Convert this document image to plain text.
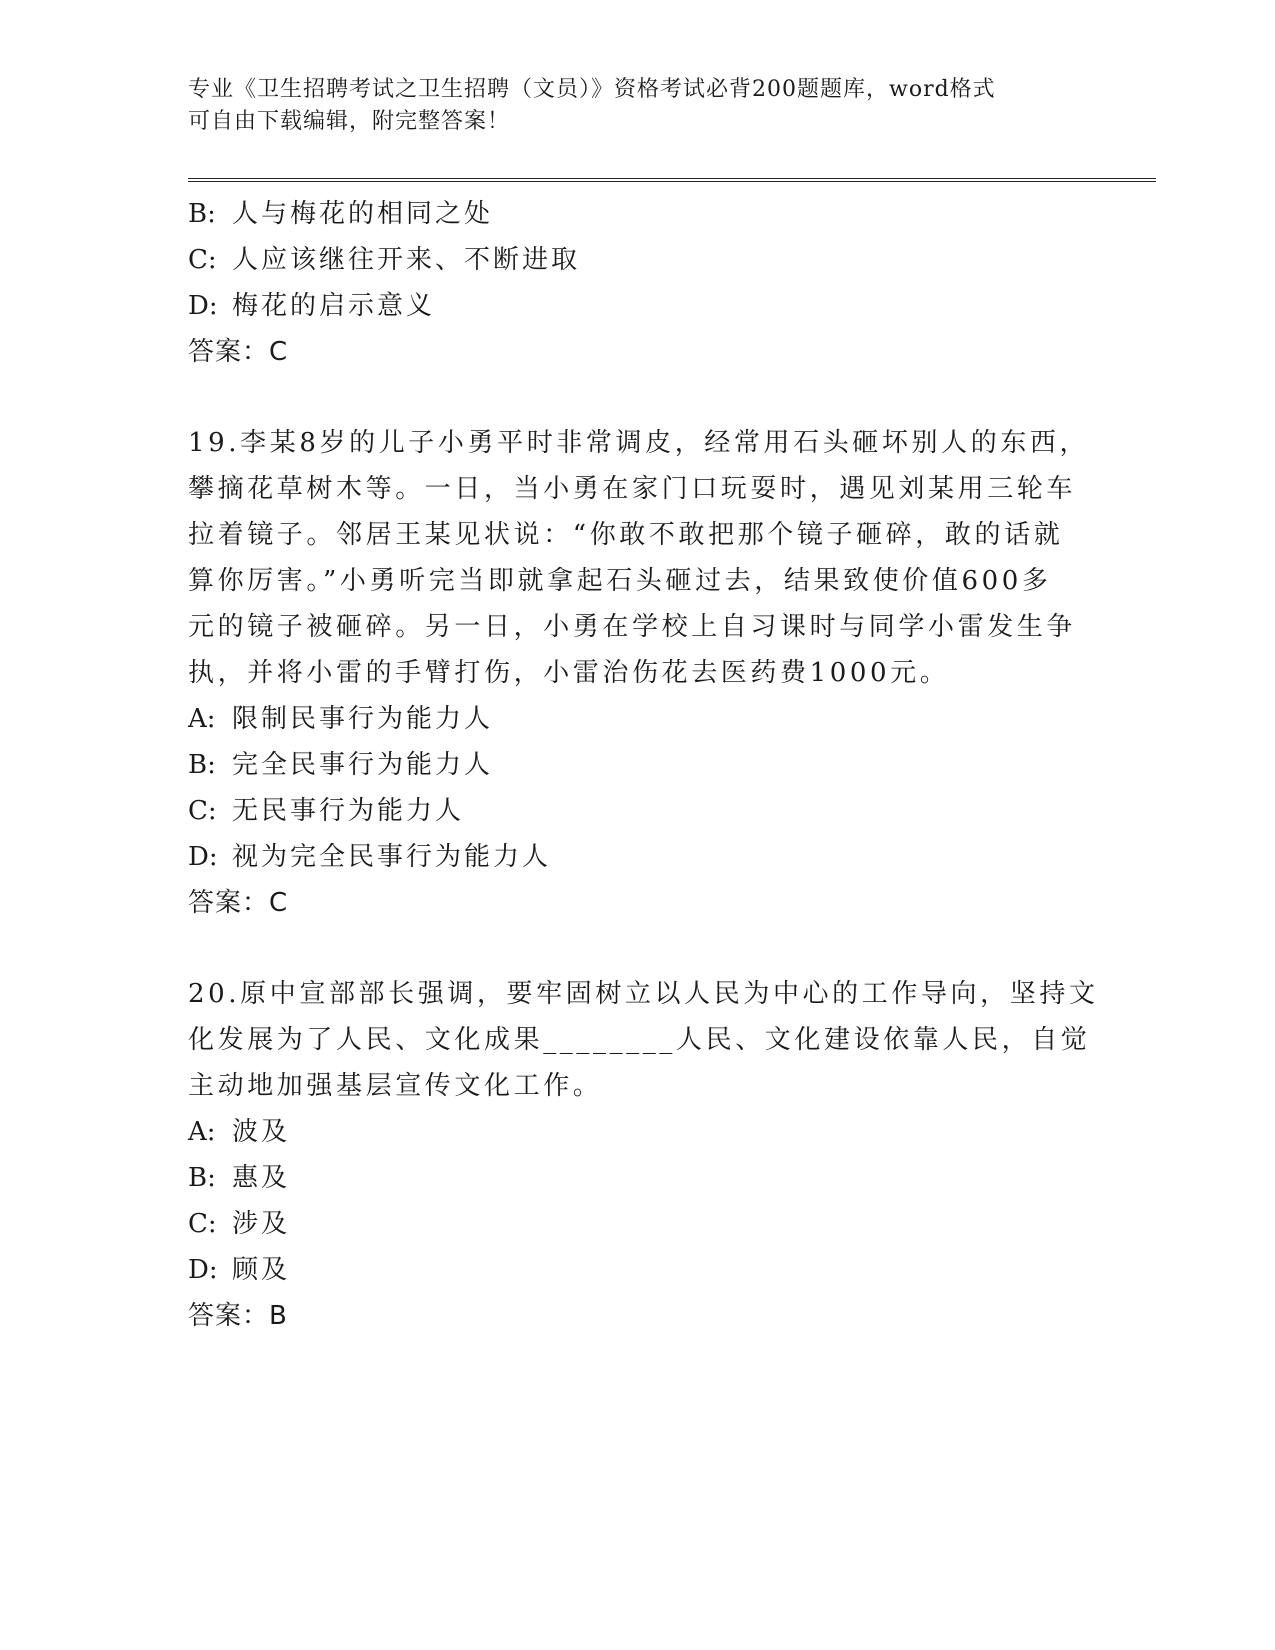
专业《卫生招聘考试之卫生招聘（文员）》资格考试必背200题题库，word格式
可自由下载编辑，附完整答案！
B: 人与梅花的相同之处
C: 人应该继往开来、不断进取
D: 梅花的启示意义
答案：C
19.李某8岁的儿子小勇平时非常调皮，经常用石头砸坏别人的东西，
攀摘花草树木等。一日，当小勇在家门口玩耍时，遇见刘某用三轮车
拉着镜子。邻居王某见状说：“你敢不敢把那个镜子砸碎，敢的话就
算你厉害。”小勇听完当即就拿起石头砸过去，结果致使价值600多
元的镜子被砸碎。另一日，小勇在学校上自习课时与同学小雷发生争
执，并将小雷的手臂打伤，小雷治伤花去医药费1000元。
A: 限制民事行为能力人
B: 完全民事行为能力人
C: 无民事行为能力人
D: 视为完全民事行为能力人
答案：C
20.原中宣部部长强调，要牢固树立以人民为中心的工作导向，坚持文
化发展为了人民、文化成果________人民、文化建设依靠人民，自觉
主动地加强基层宣传文化工作。
A: 波及
B: 惠及
C: 涉及
D: 顾及
答案：B
